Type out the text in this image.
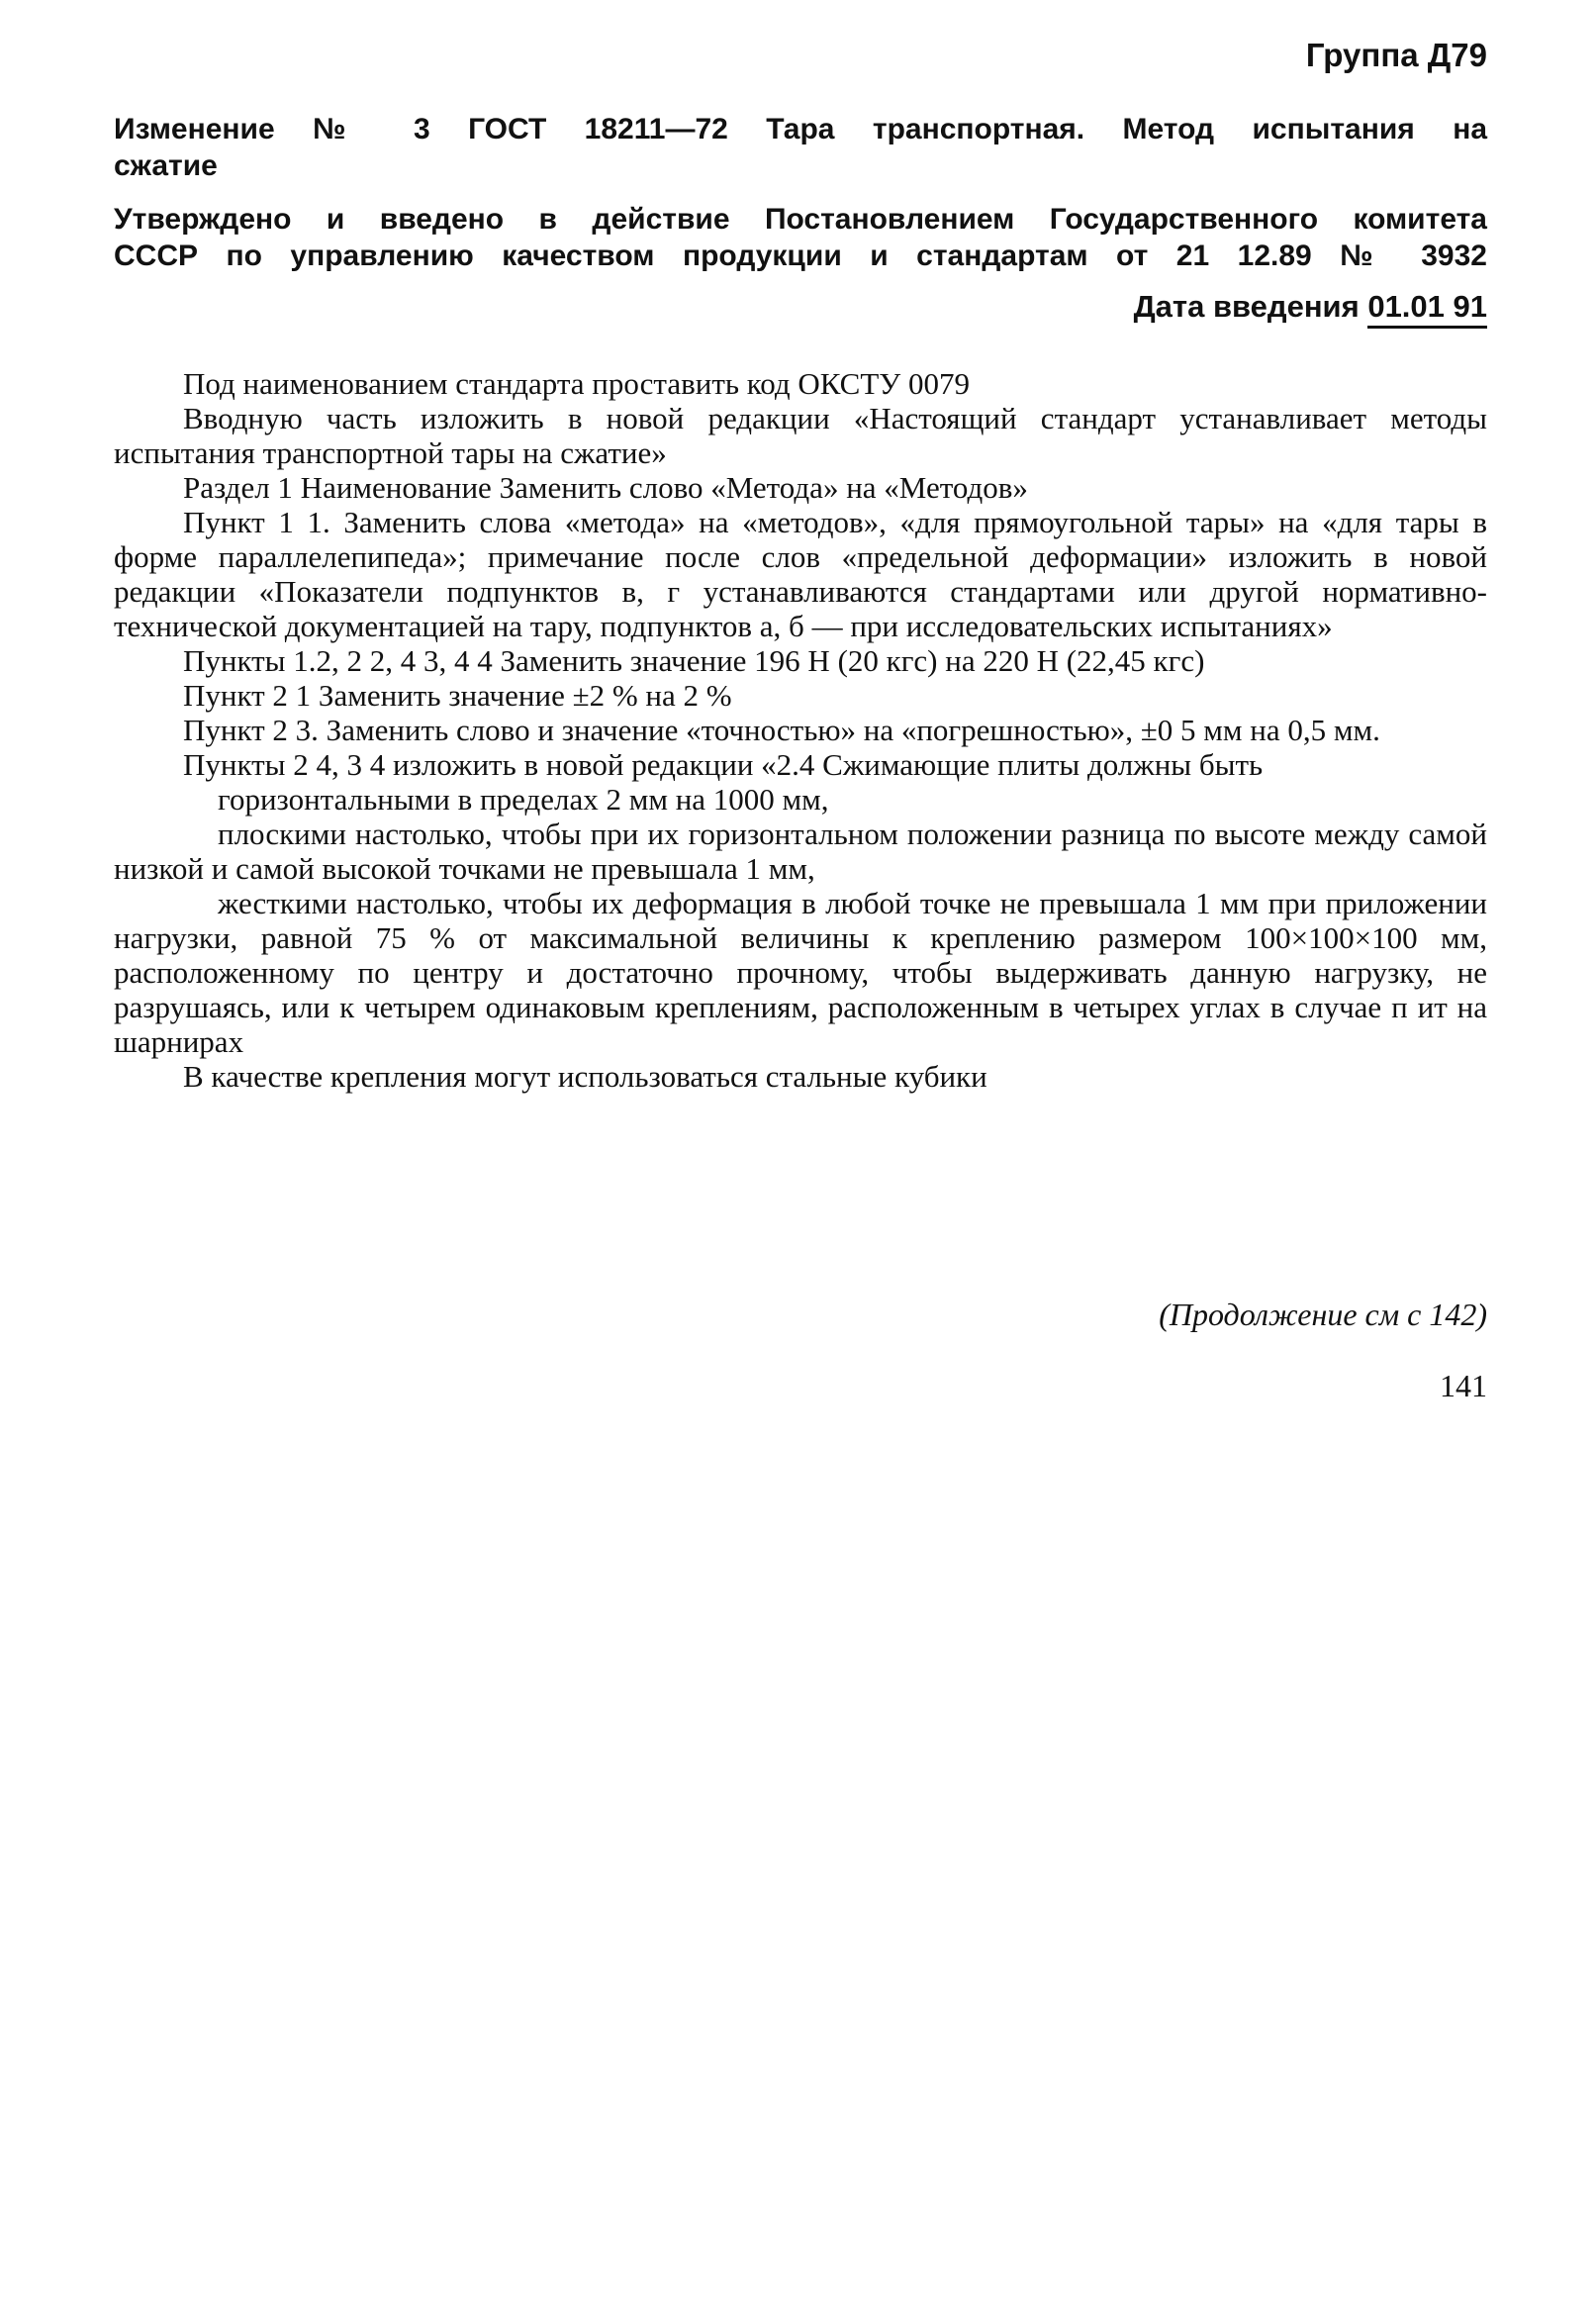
Группа Д79
Изменение № 3 ГОСТ 18211—72 Тара транспортная. Метод испытания на
сжатие
Утверждено и введено в действие Постановлением Государственного комитета
СССР по управлению качеством продукции и стандартам от 21 12.89 № 3932
Дата введения 01.01 91

Под наименованием стандарта проставить код ОКСТУ 0079

Вводную часть изложить в новой редакции «Настоящий стандарт устанавливает методы испытания транспортной тары на сжатие»

Раздел 1 Наименование Заменить слово «Метода» на «Методов»

Пункт 1 1. Заменить слова «метода» на «методов», «для прямоугольной тары» на «для тары в форме параллелепипеда»; примечание после слов «предельной деформации» изложить в новой редакции «Показатели подпунктов в, г устанавливаются стандартами или другой нормативно-технической документацией на тару, подпунктов а, б — при исследовательских испытаниях»

Пункты 1.2, 2 2, 4 3, 4 4 Заменить значение 196 Н (20 кгс) на 220 Н (22,45 кгс)

Пункт 2 1 Заменить значение ±2 % на 2 %

Пункт 2 3. Заменить слово и значение «точностью» на «погрешностью», ±0 5 мм на 0,5 мм.

Пункты 2 4, 3 4 изложить в новой редакции «2.4 Сжимающие плиты должны быть

горизонтальными в пределах 2 мм на 1000 мм,

плоскими настолько, чтобы при их горизонтальном положении разница по высоте между самой низкой и самой высокой точками не превышала 1 мм,

жесткими настолько, чтобы их деформация в любой точке не превышала 1 мм при приложении нагрузки, равной 75 % от максимальной величины к креплению размером 100×100×100 мм, расположенному по центру и достаточно прочному, чтобы выдерживать данную нагрузку, не разрушаясь, или к четырем одинаковым креплениям, расположенным в четырех углах в случае п ит на шарнирах

В качестве крепления могут использоваться стальные кубики

(Продолжение см с 142)
141
